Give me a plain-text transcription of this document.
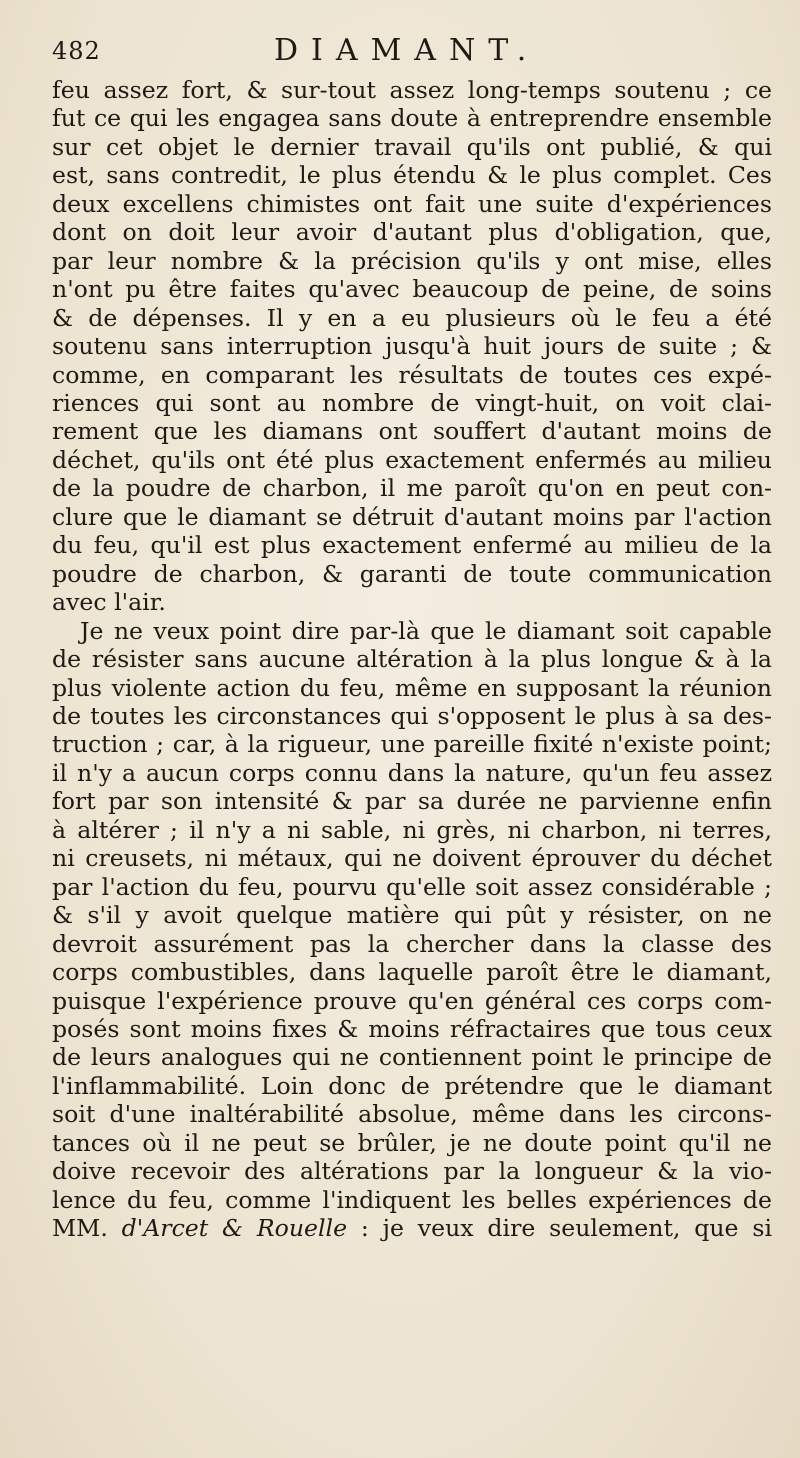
482	DIAMANT.

feu assez fort, & sur-tout assez long-temps soutenu ; ce
fut ce qui les engagea sans doute à entreprendre ensemble
sur cet objet le dernier travail qu'ils ont publié, & qui
est, sans contredit, le plus étendu & le plus complet. Ces
deux excellens chimistes ont fait une suite d'expériences
dont on doit leur avoir d'autant plus d'obligation, que,
par leur nombre & la précision qu'ils y ont mise, elles
n'ont pu être faites qu'avec beaucoup de peine, de soins
& de dépenses. Il y en a eu plusieurs où le feu a été
soutenu sans interruption jusqu'à huit jours de suite ; &
comme, en comparant les résultats de toutes ces expé-
riences qui sont au nombre de vingt-huit, on voit clai-
rement que les diamans ont souffert d'autant moins de
déchet, qu'ils ont été plus exactement enfermés au milieu
de la poudre de charbon, il me paroît qu'on en peut con-
clure que le diamant se détruit d'autant moins par l'action
du feu, qu'il est plus exactement enfermé au milieu de la
poudre de charbon, & garanti de toute communication
avec l'air.

Je ne veux point dire par-là que le diamant soit capable
de résister sans aucune altération à la plus longue & à la
plus violente action du feu, même en supposant la réunion
de toutes les circonstances qui s'opposent le plus à sa des-
truction ; car, à la rigueur, une pareille fixité n'existe point;
il n'y a aucun corps connu dans la nature, qu'un feu assez
fort par son intensité & par sa durée ne parvienne enfin
à altérer ; il n'y a ni sable, ni grès, ni charbon, ni terres,
ni creusets, ni métaux, qui ne doivent éprouver du déchet
par l'action du feu, pourvu qu'elle soit assez considérable ;
& s'il y avoit quelque matière qui pût y résister, on ne
devroit assurément pas la chercher dans la classe des
corps combustibles, dans laquelle paroît être le diamant,
puisque l'expérience prouve qu'en général ces corps com-
posés sont moins fixes & moins réfractaires que tous ceux
de leurs analogues qui ne contiennent point le principe de
l'inflammabilité. Loin donc de prétendre que le diamant
soit d'une inaltérabilité absolue, même dans les circons-
tances où il ne peut se brûler, je ne doute point qu'il ne
doive recevoir des altérations par la longueur & la vio-
lence du feu, comme l'indiquent les belles expériences de
MM. d'Arcet & Rouelle : je veux dire seulement, que si
